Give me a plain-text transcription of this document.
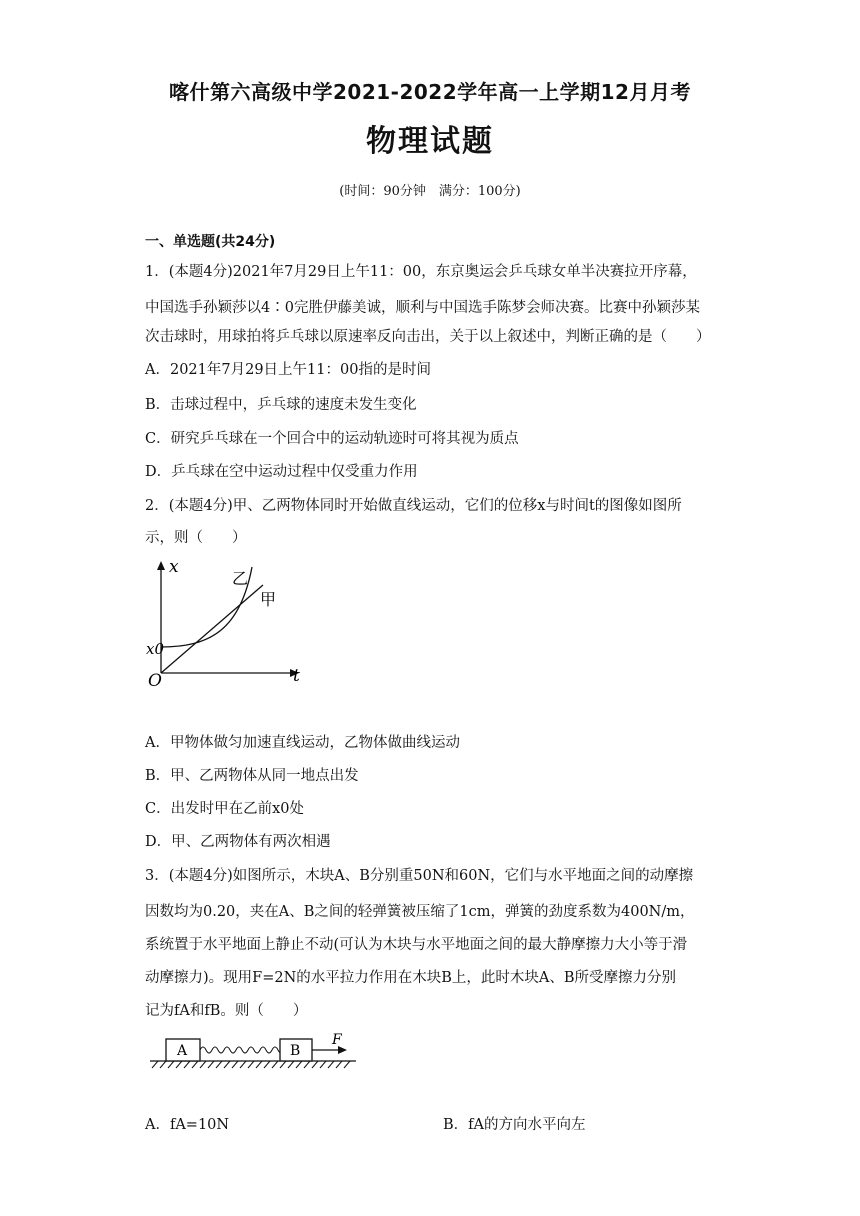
喀什第六高级中学2021-2022学年高一上学期12月月考
物理试题
(时间：90分钟　满分：100分)
一、单选题(共24分)
1．(本题4分)2021年7月29日上午11：00，东京奥运会乒乓球女单半决赛拉开序幕，
中国选手孙颖莎以4∶0完胜伊藤美诚，顺利与中国选手陈梦会师决赛。比赛中孙颖莎某
次击球时，用球拍将乒乓球以原速率反向击出，关于以上叙述中，判断正确的是（　　）
A．2021年7月29日上午11：00指的是时间
B．击球过程中，乒乓球的速度未发生变化
C．研究乒乓球在一个回合中的运动轨迹时可将其视为质点
D．乒乓球在空中运动过程中仅受重力作用
2．(本题4分)甲、乙两物体同时开始做直线运动，它们的位移x与时间t的图像如图所
示，则（　　）
x
t
O
x0
乙
甲
A．甲物体做匀加速直线运动，乙物体做曲线运动
B．甲、乙两物体从同一地点出发
C．出发时甲在乙前x0处
D．甲、乙两物体有两次相遇
3．(本题4分)如图所示，木块A、B分别重50N和60N，它们与水平地面之间的动摩擦
因数均为0.20，夹在A、B之间的轻弹簧被压缩了1cm，弹簧的劲度系数为400N/m，
系统置于水平地面上静止不动(可认为木块与水平地面之间的最大静摩擦力大小等于滑
动摩擦力)。现用F=2N的水平拉力作用在木块B上，此时木块A、B所受摩擦力分别
记为fA和fB。则（　　）
A	B
F
A．fA=10N	B．fA的方向水平向左
